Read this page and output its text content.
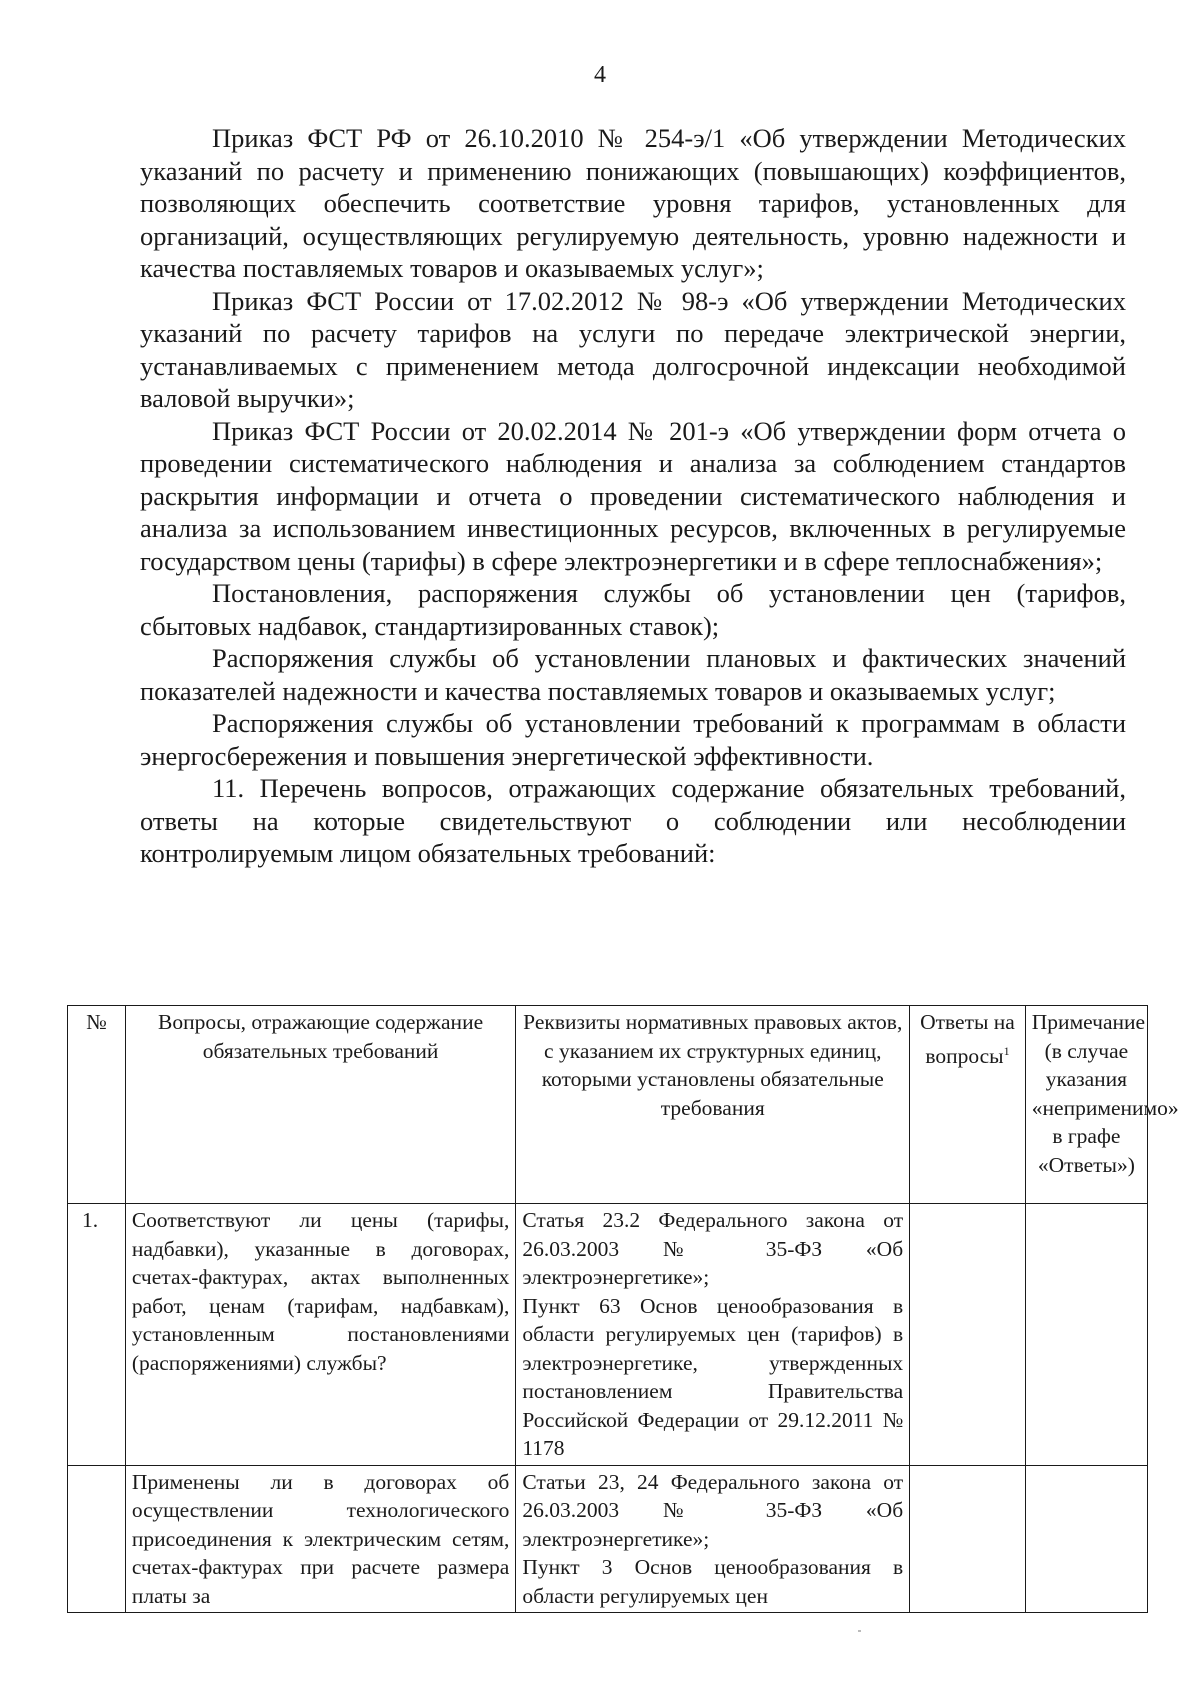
4

Приказ ФСТ РФ от 26.10.2010 № 254-э/1 «Об утверждении Методических указаний по расчету и применению понижающих (повышающих) коэффициентов, позволяющих обеспечить соответствие уровня тарифов, установленных для организаций, осуществляющих регулируемую деятельность, уровню надежности и качества поставляемых товаров и оказываемых услуг»;

Приказ ФСТ России от 17.02.2012 № 98-э «Об утверждении Методических указаний по расчету тарифов на услуги по передаче электрической энергии, устанавливаемых с применением метода долгосрочной индексации необходимой валовой выручки»;

Приказ ФСТ России от 20.02.2014 № 201-э «Об утверждении форм отчета о проведении систематического наблюдения и анализа за соблюдением стандартов раскрытия информации и отчета о проведении систематического наблюдения и анализа за использованием инвестиционных ресурсов, включенных в регулируемые государством цены (тарифы) в сфере электроэнергетики и в сфере теплоснабжения»;

Постановления, распоряжения службы об установлении цен (тарифов, сбытовых надбавок, стандартизированных ставок);

Распоряжения службы об установлении плановых и фактических значений показателей надежности и качества поставляемых товаров и оказываемых услуг;

Распоряжения службы об установлении требований к программам в области энергосбережения и повышения энергетической эффективности.

11. Перечень вопросов, отражающих содержание обязательных требований, ответы на которые свидетельствуют о соблюдении или несоблюдении контролируемым лицом обязательных требований:

№	Вопросы, отражающие содержание обязательных требований	Реквизиты нормативных правовых актов, с указанием их структурных единиц, которыми установлены обязательные требования	Ответы на вопросы$^1$	Примечание (в случае указания «неприменимо» в графе «Ответы»)
1.	Соответствуют ли цены (тарифы, надбавки), указанные в договорах, счетах-фактурах, актах выполненных работ, ценам (тарифам, надбавкам), установленным постановлениями (распоряжениями) службы?	Статья 23.2 Федерального закона от 26.03.2003 № 35-ФЗ «Об электроэнергетике»;
Пункт 63 Основ ценообразования в области регулируемых цен (тарифов) в электроэнергетике, утвержденных постановлением Правительства Российской Федерации от 29.12.2011 № 1178		

	Применены ли в договорах об осуществлении технологического присоединения к электрическим сетям, счетах-фактурах при расчете размера платы за	Статьи 23, 24 Федерального закона от 26.03.2003 № 35-ФЗ «Об электроэнергетике»;
Пункт 3 Основ ценообразования в области регулируемых цен		
